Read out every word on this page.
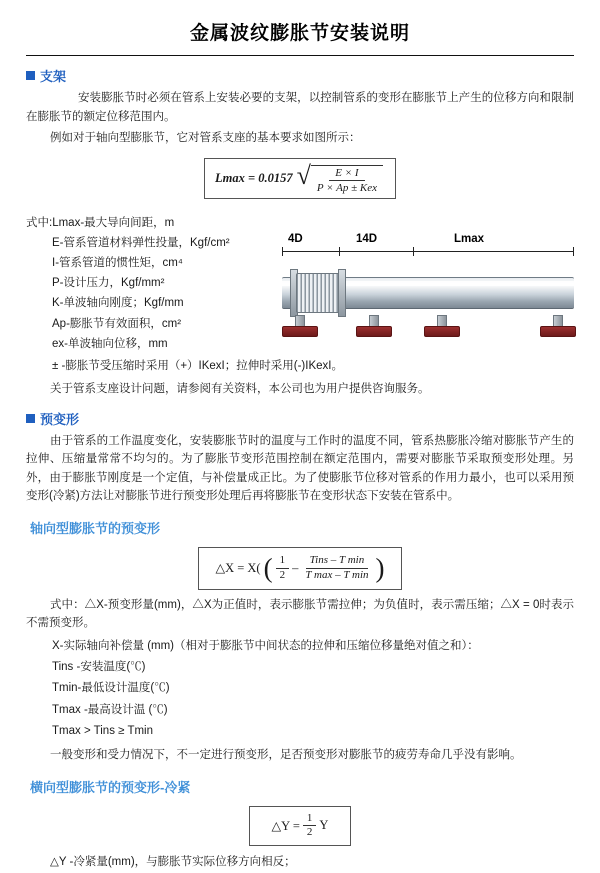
金属波纹膨胀节安装说明
支架

安装膨胀节时必须在管系上安装必要的支架，以控制管系的变形在膨胀节上产生的位移方向和限制在膨胀节的额定位移范围内。

例如对于轴向型膨胀节，它对管系支座的基本要求如图所示：

Lmax = 0.0157 √ $\frac{E \times I}{\text{P × Ap ± Kex}}$
式中:Lmax-最大导向间距，m
E-管系管道材料弹性投量，Kgf/cm²
I-管系管道的惯性矩，cm⁴
P-设计压力，Kgf/mm²
K-单波轴向刚度；Kgf/mm
Ap-膨胀节有效面积，cm²
ex-单波轴向位移，mm
4D	14D	Lmax
± -膨胀节受压缩时采用（+）IKexI；拉伸时采用(-)IKexI。

关于管系支座设计问题，请参阅有关资料，本公司也为用户提供咨询服务。

预变形

由于管系的工作温度变化，安装膨胀节时的温度与工作时的温度不同，管系热膨胀冷缩对膨胀节产生的拉伸、压缩量常常不均匀的。为了膨胀节变形范围控制在额定范围内，需要对膨胀节采取预变形处理。另外，由于膨胀节刚度是一个定值，与补偿量成正比。为了使膨胀节位移对管系的作用力最小，也可以采用预变形(冷紧)方法让对膨胀节进行预变形处理后再将膨胀节在变形状态下安装在管系中。

轴向型膨胀节的预变形
△X = X( ( $\frac{1}{2} - \frac{\text{Tins – T min}}{\text{T max – T min}}$ )

式中：△X-预变形量(mm)，△X为正值时，表示膨胀节需拉伸；为负值时，表示需压缩；△X = 0时表示不需预变形。

X-实际轴向补偿量 (mm)（相对于膨胀节中间状态的拉伸和压缩位移量绝对值之和）：
Tins -安装温度(℃)
Tmin-最低设计温度(℃)
Tmax -最高设计温 (℃)
Tmax > Tins ≥ Tmin

一般变形和受力情况下，不一定进行预变形，足否预变形对膨胀节的疲劳寿命几乎没有影响。

横向型膨胀节的预变形-冷紧
△Y = $\frac{1}{2}$ Y
△Y -冷紧量(mm)，与膨胀节实际位移方向相反；
